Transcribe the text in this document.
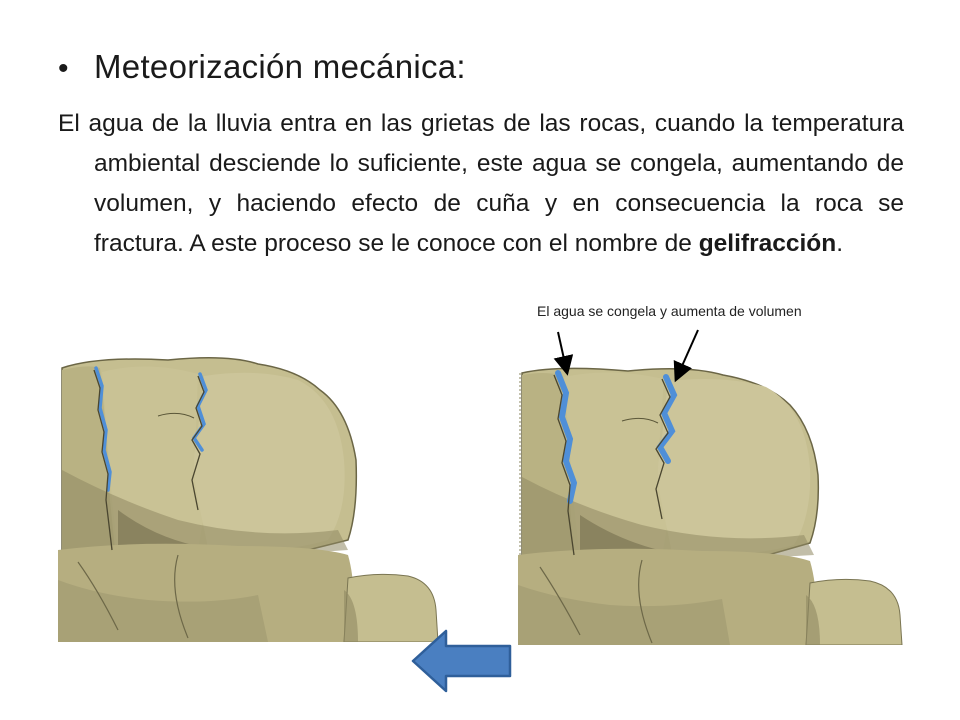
• Meteorización mecánica:
El agua de la lluvia entra en las grietas de las rocas, cuando la temperatura ambiental desciende lo suficiente, este agua se congela, aumentando de volumen, y haciendo efecto de cuña y en consecuencia la roca se fractura. A este proceso se le conoce con el nombre de gelifracción.
El agua se congela y aumenta de volumen
